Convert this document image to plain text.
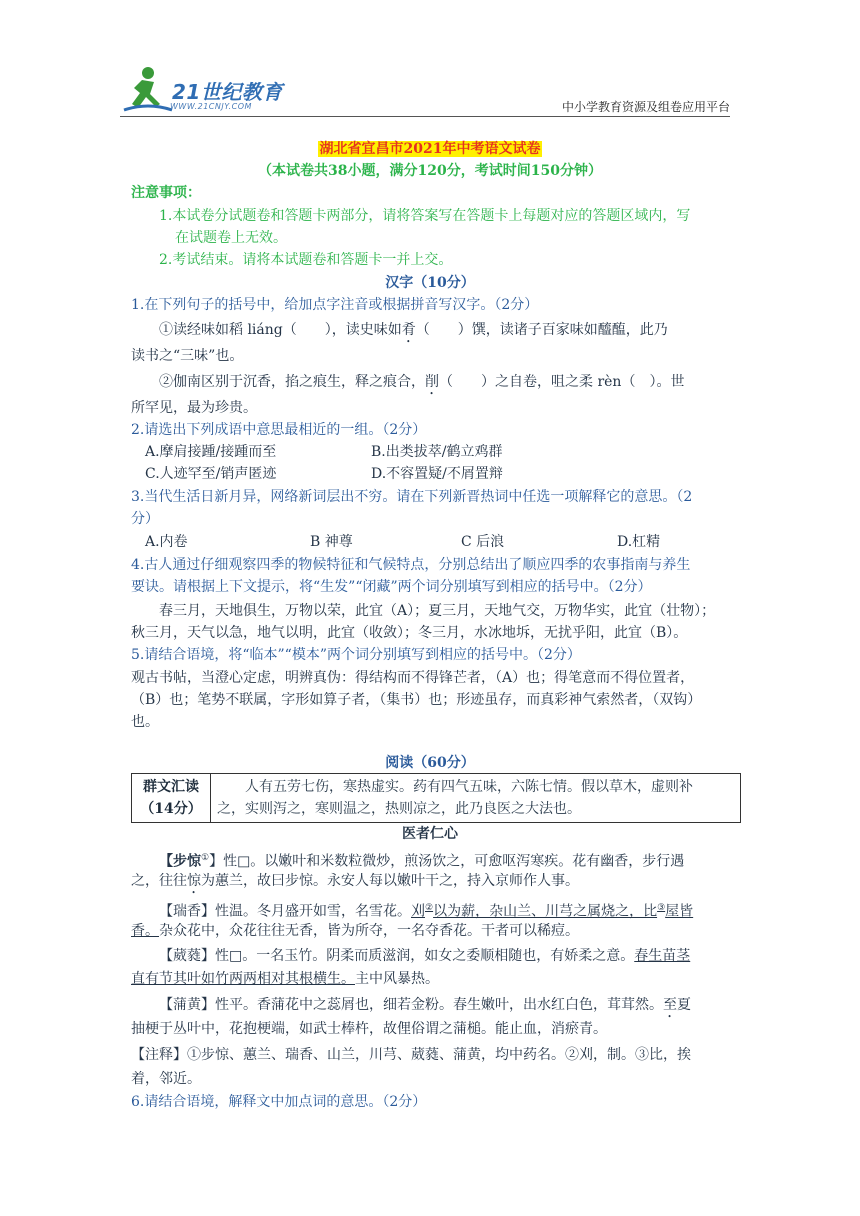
21世纪教育
WWW.21CNJY.COM	中小学教育资源及组卷应用平台
湖北省宜昌市2021年中考语文试卷
（本试卷共38小题，满分120分，考试时间150分钟）
注意事项：
1.本试卷分试题卷和答题卡两部分，请将答案写在答题卡上每题对应的答题区域内，写
在试题卷上无效。
2.考试结束。请将本试题卷和答题卡一并上交。
汉字（10分）
1.在下列句子的括号中，给加点字注音或根据拼音写汉字。（2分）
①读经味如稻 liáng（　　），读史味如肴（　　）馔，读诸子百家味如醯醢，此乃
读书之“三味”也。
②伽南区别于沉香，掐之痕生，释之痕合，削（　　）之自卷，咀之柔 rèn（　）。世
所罕见，最为珍贵。
2.请选出下列成语中意思最相近的一组。（2分）
A.摩肩接踵/接踵而至	B.出类拔萃/鹤立鸡群
C.人迹罕至/销声匿迹	D.不容置疑/不屑置辩
3.当代生活日新月异，网络新词层出不穷。请在下列新晋热词中任选一项解释它的意思。（2
分）
A.内卷	B 神尊	C 后浪	D.杠精
4.古人通过仔细观察四季的物候特征和气候特点，分别总结出了顺应四季的农事指南与养生
要诀。请根据上下文提示，将“生发”“闭藏”两个词分别填写到相应的括号中。（2分）
春三月，天地俱生，万物以荣，此宜（A）；夏三月，天地气交，万物华实，此宜（壮物）；
秋三月，天气以急，地气以明，此宜（收敛）；冬三月，水冰地坼，无扰乎阳，此宜（B）。
5.请结合语境，将“临本”“模本”两个词分别填写到相应的括号中。（2分）
观古书帖，当澄心定虑，明辨真伪：得结构而不得锋芒者，（A）也；得笔意而不得位置者，
（B）也；笔势不联属，字形如算子者，（集书）也；形迹虽存，而真彩神气索然者，（双钩）
也。
阅读（60分）
群文汇读
（14分）

人有五劳七伤，寒热虚实。药有四气五味，六陈七情。假以草木，虚则补
之，实则泻之，寒则温之，热则凉之，此乃良医之大法也。
医者仁心
【步惊①】性□。以嫩叶和米数粒微炒，煎汤饮之，可愈呕泻寒疾。花有幽香，步行遇
之，往往惊为蕙兰，故曰步惊。永安人每以嫩叶干之，持入京师作人事。
【瑞香】性温。冬月盛开如雪，名雪花。刈②以为薪，杂山兰、川芎之属烧之，比③屋皆
香。杂众花中，众花往往无香，皆为所夺，一名夺香花。干者可以稀痘。
【葳蕤】性□。一名玉竹。阴柔而质滋润，如女之委顺相随也，有娇柔之意。春生苗茎
直有节其叶如竹两两相对其根横生。主中风暴热。
【蒲黄】性平。香蒲花中之蕊屑也，细若金粉。春生嫩叶，出水红白色，茸茸然。至夏
抽梗于丛叶中，花抱梗端，如武士棒杵，故俚俗谓之蒲槌。能止血，消瘀青。
【注释】①步惊、蕙兰、瑞香、山兰，川芎、葳蕤、蒲黄，均中药名。②刈，制。③比，挨
着，邻近。
6.请结合语境，解释文中加点词的意思。（2分）
